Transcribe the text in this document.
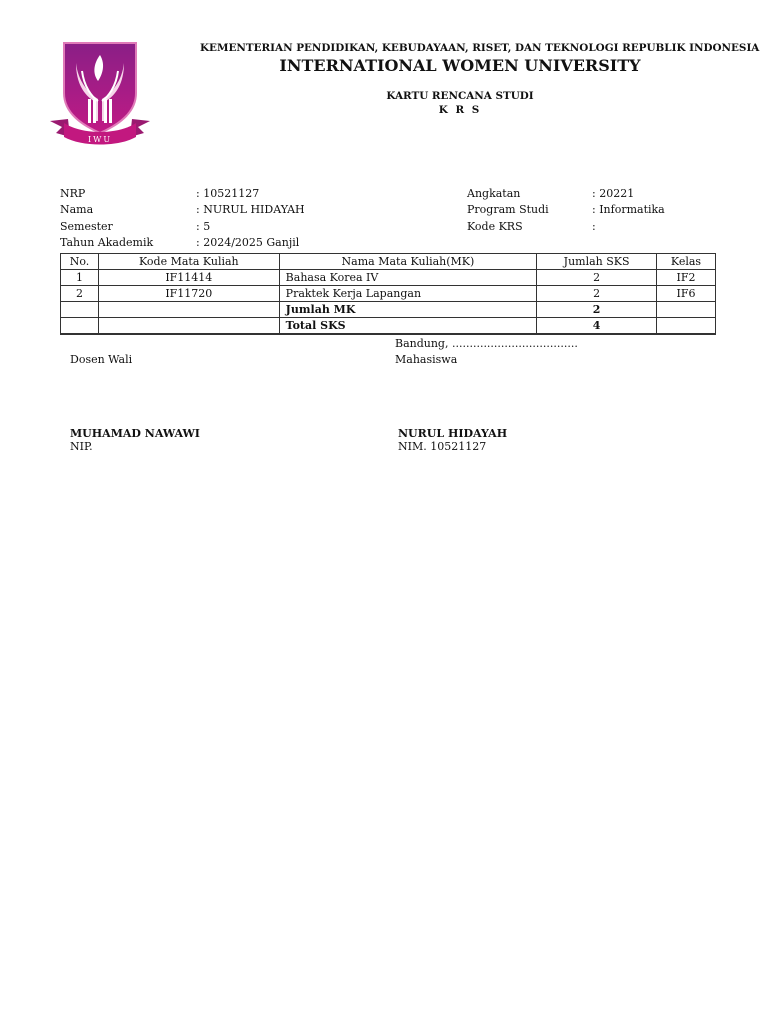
IWU
KEMENTERIAN PENDIDIKAN, KEBUDAYAAN, RISET, DAN TEKNOLOGI REPUBLIK INDONESIA
INTERNATIONAL WOMEN UNIVERSITY
KARTU RENCANA STUDI
K R S
NRP	: 10521127
Nama	: NURUL HIDAYAH
Semester	: 5
Tahun Akademik	: 2024/2025 Ganjil
Angkatan	: 20221
Program Studi	: Informatika
Kode KRS	:
No.	Kode Mata Kuliah	Nama Mata Kuliah(MK)	Jumlah SKS	Kelas
1	IF11414	Bahasa Korea IV	2	IF2
2	IF11720	Praktek Kerja Lapangan	2	IF6
		Jumlah MK	2	
		Total SKS	4	
Bandung, ....................................
Dosen Wali	Mahasiswa
MUHAMAD NAWAWI
NIP.
NURUL HIDAYAH
NIM. 10521127
